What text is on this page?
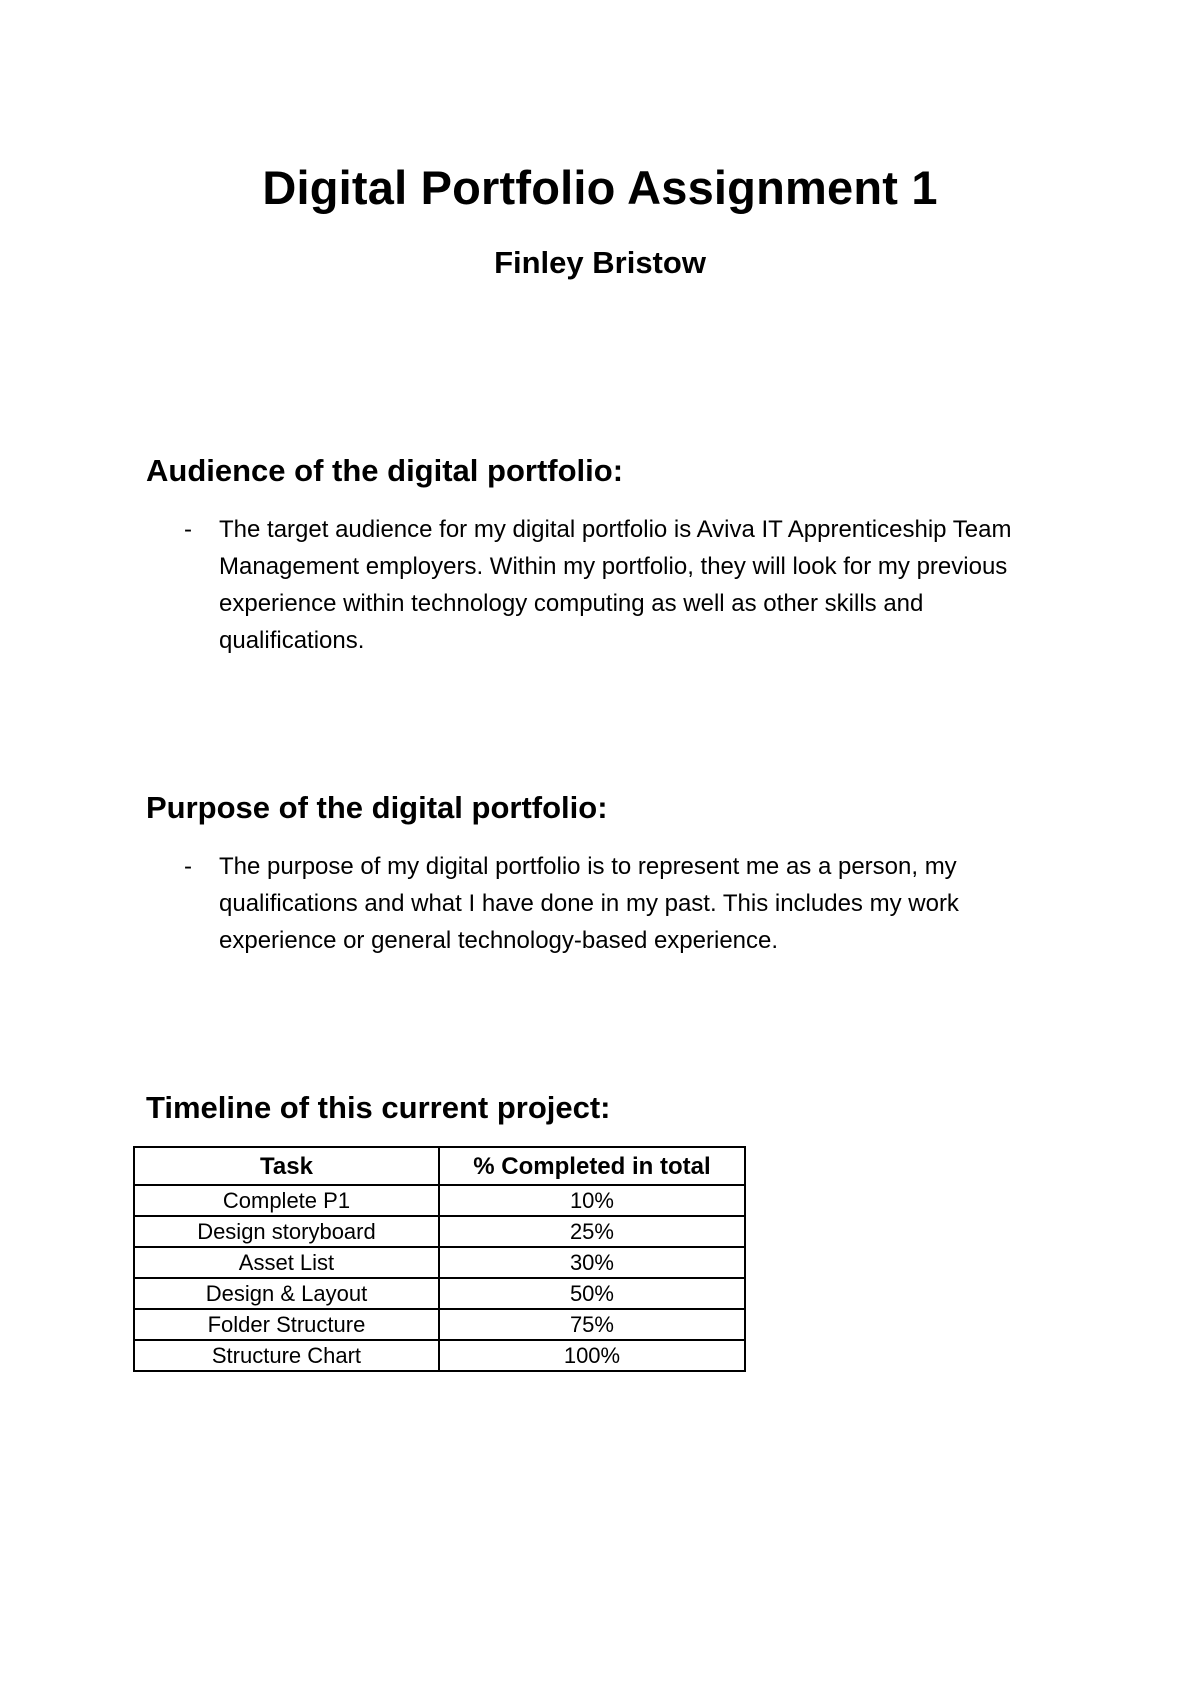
Digital Portfolio Assignment 1
Finley Bristow
Audience of the digital portfolio:
- The target audience for my digital portfolio is Aviva IT Apprenticeship Team Management employers. Within my portfolio, they will look for my previous experience within technology computing as well as other skills and qualifications.
Purpose of the digital portfolio:
- The purpose of my digital portfolio is to represent me as a person, my qualifications and what I have done in my past. This includes my work experience or general technology-based experience.
Timeline of this current project:
Task	% Completed in total
Complete P1	10%
Design storyboard	25%
Asset List	30%
Design & Layout	50%
Folder Structure	75%
Structure Chart	100%
